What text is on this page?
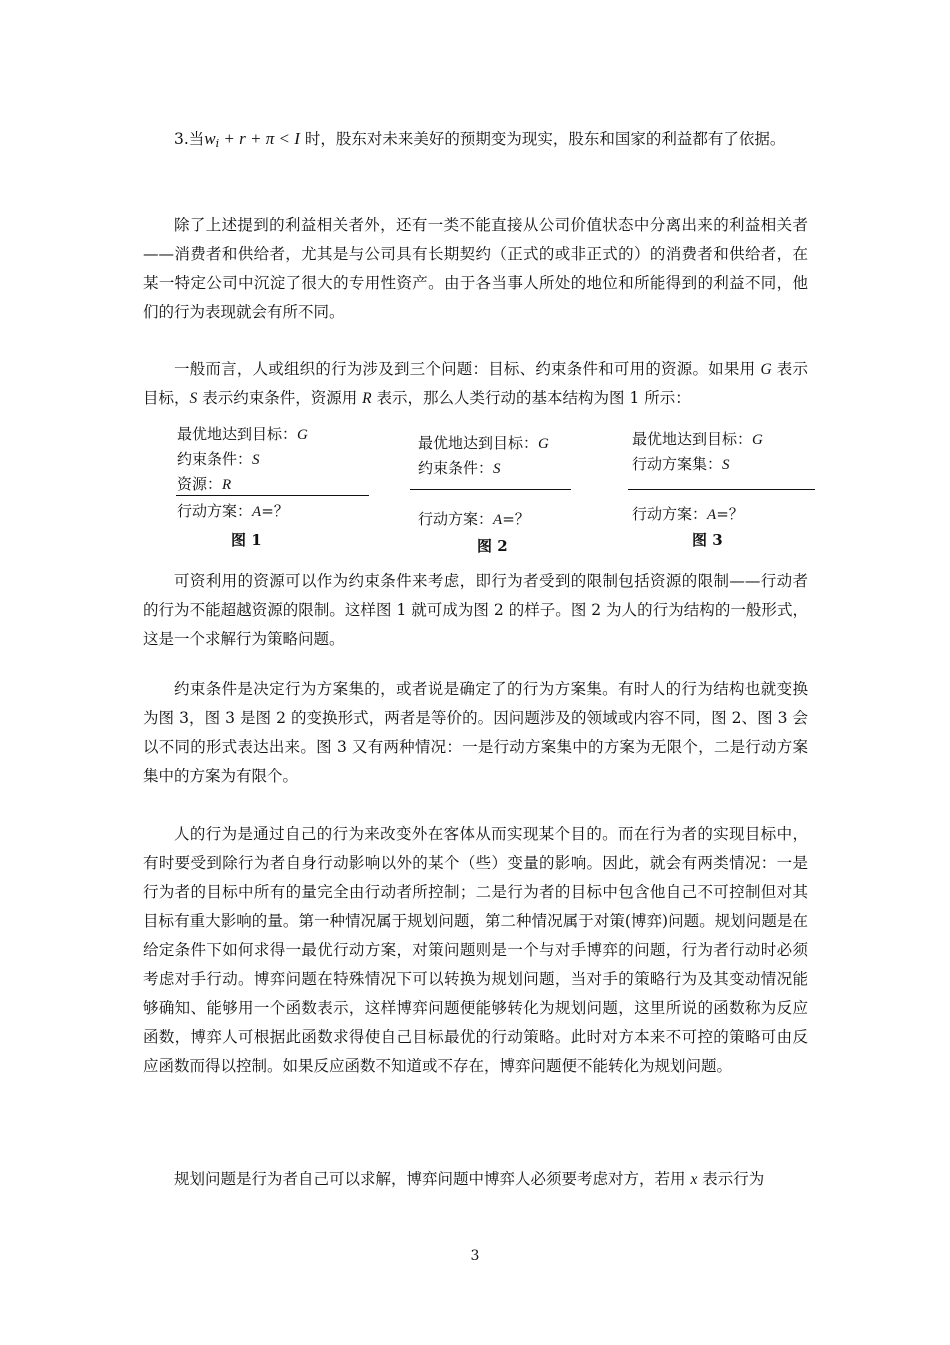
3.当$w_i + r + \pi < I$ 时，股东对未来美好的预期变为现实，股东和国家的利益都有了依据。

除了上述提到的利益相关者外，还有一类不能直接从公司价值状态中分离出来的利益相关者——消费者和供给者，尤其是与公司具有长期契约（正式的或非正式的）的消费者和供给者，在某一特定公司中沉淀了很大的专用性资产。由于各当事人所处的地位和所能得到的利益不同，他们的行为表现就会有所不同。

一般而言，人或组织的行为涉及到三个问题：目标、约束条件和可用的资源。如果用 G 表示目标，S 表示约束条件，资源用 R 表示，那么人类行动的基本结构为图 1 所示：

最优地达到目标：G
约束条件：S
资源：R
行动方案：A=？
图 1
最优地达到目标：G
约束条件：S
行动方案：A=？
图 2
最优地达到目标：G
行动方案集：S
行动方案：A=？
图 3

可资利用的资源可以作为约束条件来考虑，即行为者受到的限制包括资源的限制——行动者的行为不能超越资源的限制。这样图 1 就可成为图 2 的样子。图 2 为人的行为结构的一般形式，这是一个求解行为策略问题。

约束条件是决定行为方案集的，或者说是确定了的行为方案集。有时人的行为结构也就变换为图 3，图 3 是图 2 的变换形式，两者是等价的。因问题涉及的领域或内容不同，图 2、图 3 会以不同的形式表达出来。图 3 又有两种情况：一是行动方案集中的方案为无限个，二是行动方案集中的方案为有限个。

人的行为是通过自己的行为来改变外在客体从而实现某个目的。而在行为者的实现目标中，有时要受到除行为者自身行动影响以外的某个（些）变量的影响。因此，就会有两类情况：一是行为者的目标中所有的量完全由行动者所控制；二是行为者的目标中包含他自己不可控制但对其目标有重大影响的量。第一种情况属于规划问题，第二种情况属于对策(博弈)问题。规划问题是在给定条件下如何求得一最优行动方案，对策问题则是一个与对手博弈的问题，行为者行动时必须考虑对手行动。博弈问题在特殊情况下可以转换为规划问题，当对手的策略行为及其变动情况能够确知、能够用一个函数表示，这样博弈问题便能够转化为规划问题，这里所说的函数称为反应函数，博弈人可根据此函数求得使自己目标最优的行动策略。此时对方本来不可控的策略可由反应函数而得以控制。如果反应函数不知道或不存在，博弈问题便不能转化为规划问题。

规划问题是行为者自己可以求解，博弈问题中博弈人必须要考虑对方，若用 x 表示行为

3
